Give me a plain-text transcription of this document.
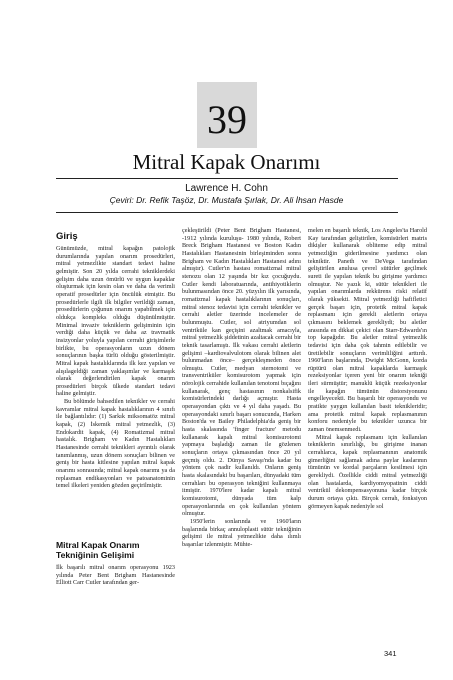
39
Mitral Kapak Onarımı
Lawrence H. Cohn
Çeviri: Dr. Refik Taşöz, Dr. Mustafa Şırlak, Dr. Ali İhsan Hasde
Giriş

Günümüzde, mitral kapağın patolojik durumlarında yapılan onarım prosedürleri, mitral yetmezlikte standart tedavi haline gelmiştir. Son 20 yılda cerrahi tekniklerdeki gelişim daha uzun ömürlü ve uygun kapaklar oluşturmak için kesin olan ve daha da verimli operatif prosedürler için öncülük etmiştir. Bu prosedürlerle ilgili ilk bilgiler verildiği zaman, prosedürlerin çoğunun onarım yapabilmek için oldukça kompleks olduğu düşünülmüştür. Minimal invaziv tekniklerin gelişiminin için verdiği daha küçük ve daha az travmatik insizyonlar yoluyla yapılan cerrahi girişimlerle birlikte, bu operasyonların uzun dönem sonuçlarının başka türlü olduğu gösterilmiştir. Mitral kapak hastalıklarında ilk kez yapılan ve alışılageldiği zaman yaklaşımlar ve karmaşık olarak değerlendirilen kapak onarım prosedürleri birçok ülkede standart tedavi haline gelmiştir.

Bu bölümde bahsedilen teknikler ve cerrahi kavramlar mitral kapak hastalıklarının 4 sınıfı ile bağlantılıdır: (1) Sarkık miksomatöz mitral kapak, (2) İskemik mitral yetmezlik, (3) Endokardit kapak, (4) Romatizmal mitral hastalık. Brigham ve Kadın Hastalıkları Hastanesinde cerrahi teknikleri ayrıntılı olarak tanımlanmış, uzun dönem sonuçları bilinen ve geniş bir hasta kitlesine yapılan mitral kapak onarımı sonrasında; mitral kapak onarımı ya da replasman endikasyonları ve patoanatominin temel ilkeleri yeniden gözden geçirilmiştir.

Mitral Kapak Onarım Tekniğinin Gelişimi

İlk başarılı mitral onarım operasyonu 1923 yılında Peter Bent Brigham Hastanesinde Elliott Carr Cutler tarafından ger-

çekleştirildi (Peter Bent Brigham Hastanesi, -1912 yılında kuruluşu- 1980 yılında, Robert Breck Brigham Hastanesi ve Boston Kadın Hastalıkları Hastanesinin birleşiminden sonra Brigham ve Kadın Hastalıkları Hastanesi adını almıştır). Cutler'ın hastası romatizmal mitral stenozu olan 12 yaşında bir kız çocuğuydu. Cutler kendi laboratuarında, antihiyotiklerin bulunmasından önce 20. yüzyılın ilk yarısında, romatizmal kapak hastalıklarının sonuçları, mitral stenoz tedavisi için cerrahi teknikler ve cerrahi aletler üzerinde incelemeler de bulunmuştu. Cutler, sol atriyumdan sol ventriküle kan geçişini azaltmak amacıyla, mitral yetmezlik şiddetinin azaltacak cerrahi bir teknik tasarlamıştı. İlk vakası cerrahi aletlerin gelişimi –kardiovalvulotom olarak bilinen alet bulunmadan önce– gerçekleşmeden önce olmuştu. Cutler, medyan sternotomi ve transventriküler komisurotom yapmak için nörolojik cerrahide kullanılan tenotomi bıçağını kullanarak, genç hastasının nonkalsifik komisürlerindeki darlığı açmıştır. Hasta operasyondan çıktı ve 4 yıl daha yaşadı. Bu operasyondaki sınırlı başarı sonucunda, Harken Boston'da ve Bailey Philadelphia'da geniş bir hasta skalasında 'finger fracture' metodu kullanarak kapalı mitral komisurotomi yapmaya başladığı zaman ile gözlenen sonuçların ortaya çıkmasından önce 20 yıl geçmiş oldu. 2. Dünya Savaşı'nda kadar bu yöntem çok nadir kullanıldı. Onların geniş hasta skalasındaki bu başarıları, dünyadaki tüm cerrahları bu operasyon tekniğini kullanmaya itmiştir. 1970'lere kadar kapalı mitral komisurotomi, dünyada tüm kalp operasyonlarında en çok kullanılan yöntem olmuştur.

1950'lerin sonlarında ve 1960'ların başlarında birkaç annuloplasti sütür tekniğinin gelişimi ile mitral yetmezlikte daha ılımlı başarılar izlenmiştir. Mühte-

melen en başarılı teknik, Los Angeles'ta Harold Kay tarafından geliştirilen, komisürleri matris dikişler kullanarak obliteme edip mitral yetmezliğin giderilmesine yardımcı olan tekniktir. Paneth ve DeVega tarafından geliştirilen anulusa çevrel sütürler geçilmek sureti ile yapılan teknik bu girişime yardımcı olmuştur. Ne yazık ki, sütür teknikleri ile yapılan onarımlarda rekkürens riski relatif olarak yüksekti. Mitral yetmezliği hafifletici gerçek başarı için, protetik mitral kapak replasmanı için gerekli aletlerin ortaya çıkmasını beklemek gerekliydi; bu aletler arasında en dikkat çekici olan Starr-Edwards'ın top kapağıdır. Bu aletler mitral yetmezlik tedavisi için daha çok tahmin edilebilir ve üretilebilir sonuçların verimliliğini arttırdı. 1960'ların başlarında, Dwight McGonn, korda rüptürü olan mitral kapaklarda karmaşık rezeksiyonlar içeren yeni bir onarım tekniği ileri sürmüştür; manuklü küçük rezeksiyonlar ile kapağın tümünün distorsiyonunu engelleyecekti. Bu başarılı bir operasyondu ve pratikte yaygın kullanılan basit teknikleridir; ama protetik mitral kapak replasmanının konforu nedeniyle bu teknikler uzunca bir zaman önemsenmedi.

Mitral kapak replasmanı için kullanılan tekniklerin sınırlılığı, bu girişime inanan cerrahlarca, kapak replasmanının anatomik gimerliğini sağlamak adına paylar kaslarının tümünün ve kordal parçaların kesilmesi için gerekliydi. Özellikle ciddi mitral yetmezliği olan hastalarda, kardiyomyopatinin ciddi ventrikül dekompensasyonuna kadar birçok durum ortaya çıktı. Birçok cerrah, fonksiyon görmeyen kapak nedeniyle sol

341
